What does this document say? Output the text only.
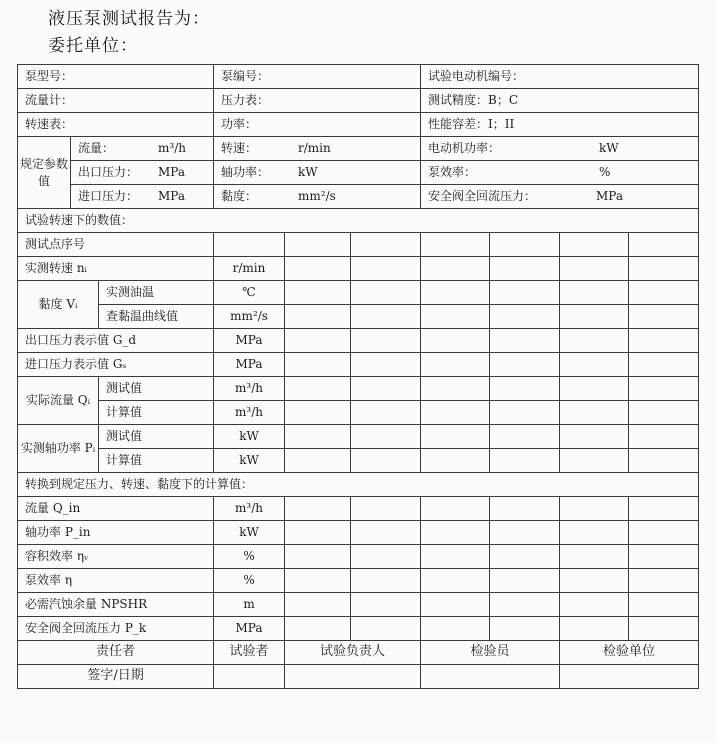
液压泵测试报告为：
委托单位：
泵型号：			泵编号：			试验电动机编号：			
流量计：			压力表：			测试精度：B；C			
转速表：			功率：			性能容差：I；II			
规定参数值	流量： m³/h		转速： r/min			电动机功率： kW			

	出口压力： MPa		轴功率： kW			泵效率： %			

	进口压力： MPa		黏度： mm²/s			安全阀全回流压力： MPa			

试验转速下的数值：									
测试点序号									
实测转速 nᵢ			r/min						
黏度 Vᵢ		实测油温	℃						
		查黏温曲线值	mm²/s						
出口压力表示值 G_d			MPa						
进口压力表示值 Gₛ			MPa						
实际流量 Qᵢ		测试值	m³/h						
		计算值	m³/h						
实测轴功率 Pᵢ		测试值	kW						
		计算值	kW						
转换到规定压力、转速、黏度下的计算值：									
流量 Q_in			m³/h						
轴功率 P_in			kW						
容积效率 ηᵥ			%						
泵效率 η			%						
必需汽蚀余量 NPSHR			m						
安全阀全回流压力 P_k			MPa						
责任者			试验者	试验负责人		检验员		检验单位	
签字/日期									
